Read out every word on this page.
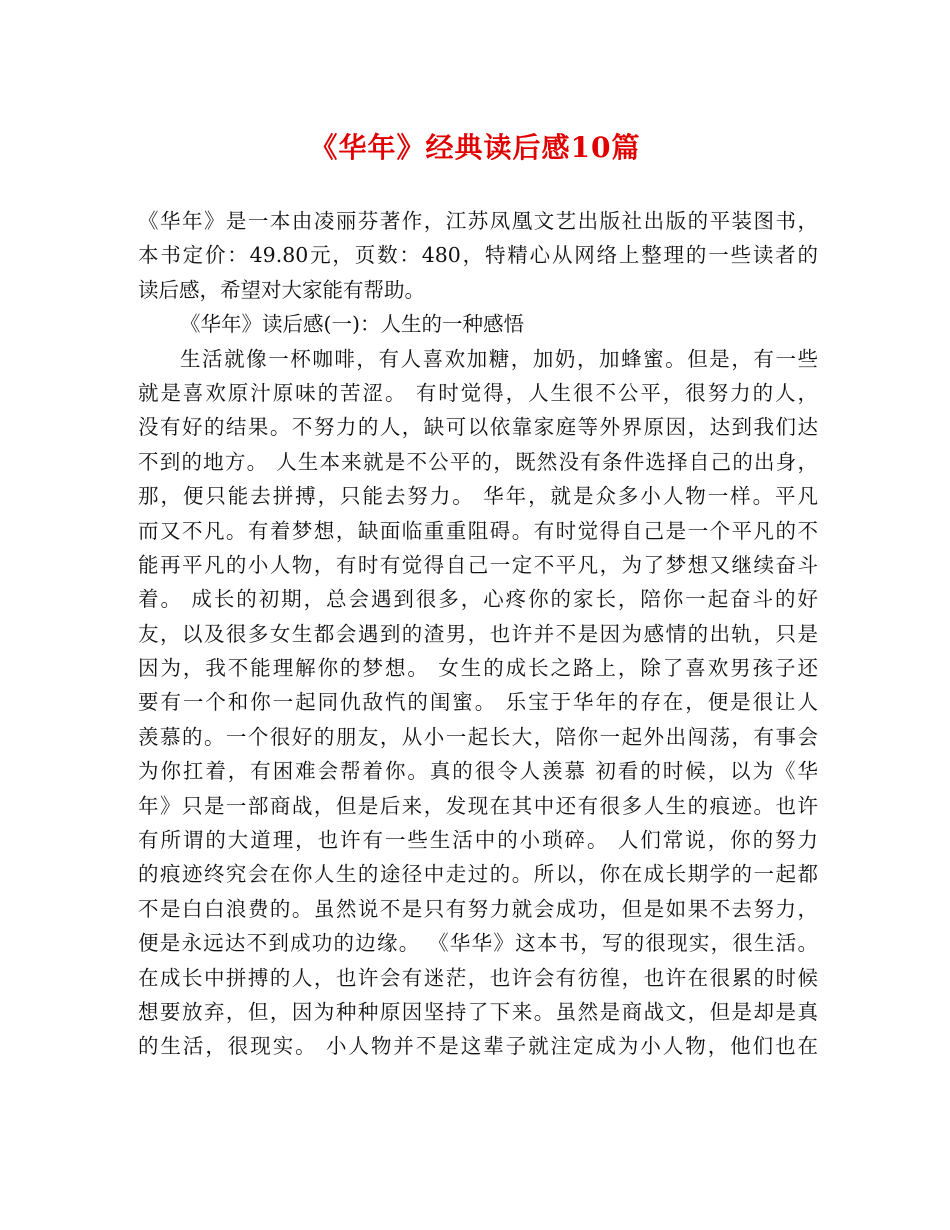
《华年》经典读后感10篇
《华年》是一本由凌丽芬著作，江苏凤凰文艺出版社出版的平装图书，
本书定价：49.80元，页数：480，特精心从网络上整理的一些读者的
读后感，希望对大家能有帮助。
《华年》读后感(一)：人生的一种感悟
生活就像一杯咖啡，有人喜欢加糖，加奶，加蜂蜜。但是，有一些
就是喜欢原汁原味的苦涩。 有时觉得，人生很不公平，很努力的人，
没有好的结果。不努力的人，缺可以依靠家庭等外界原因，达到我们达
不到的地方。 人生本来就是不公平的，既然没有条件选择自己的出身，
那，便只能去拼搏，只能去努力。 华年，就是众多小人物一样。平凡
而又不凡。有着梦想，缺面临重重阻碍。有时觉得自己是一个平凡的不
能再平凡的小人物，有时有觉得自己一定不平凡，为了梦想又继续奋斗
着。 成长的初期，总会遇到很多，心疼你的家长，陪你一起奋斗的好
友，以及很多女生都会遇到的渣男，也许并不是因为感情的出轨，只是
因为，我不能理解你的梦想。 女生的成长之路上，除了喜欢男孩子还
要有一个和你一起同仇敌忾的闺蜜。 乐宝于华年的存在，便是很让人
羡慕的。一个很好的朋友，从小一起长大，陪你一起外出闯荡，有事会
为你扛着，有困难会帮着你。真的很令人羡慕 初看的时候，以为《华
年》只是一部商战，但是后来，发现在其中还有很多人生的痕迹。也许
有所谓的大道理，也许有一些生活中的小琐碎。 人们常说，你的努力
的痕迹终究会在你人生的途径中走过的。所以，你在成长期学的一起都
不是白白浪费的。虽然说不是只有努力就会成功，但是如果不去努力，
便是永远达不到成功的边缘。 《华华》这本书，写的很现实，很生活。
在成长中拼搏的人，也许会有迷茫，也许会有彷徨，也许在很累的时候
想要放弃，但，因为种种原因坚持了下来。虽然是商战文，但是却是真
的生活，很现实。 小人物并不是这辈子就注定成为小人物，他们也在
